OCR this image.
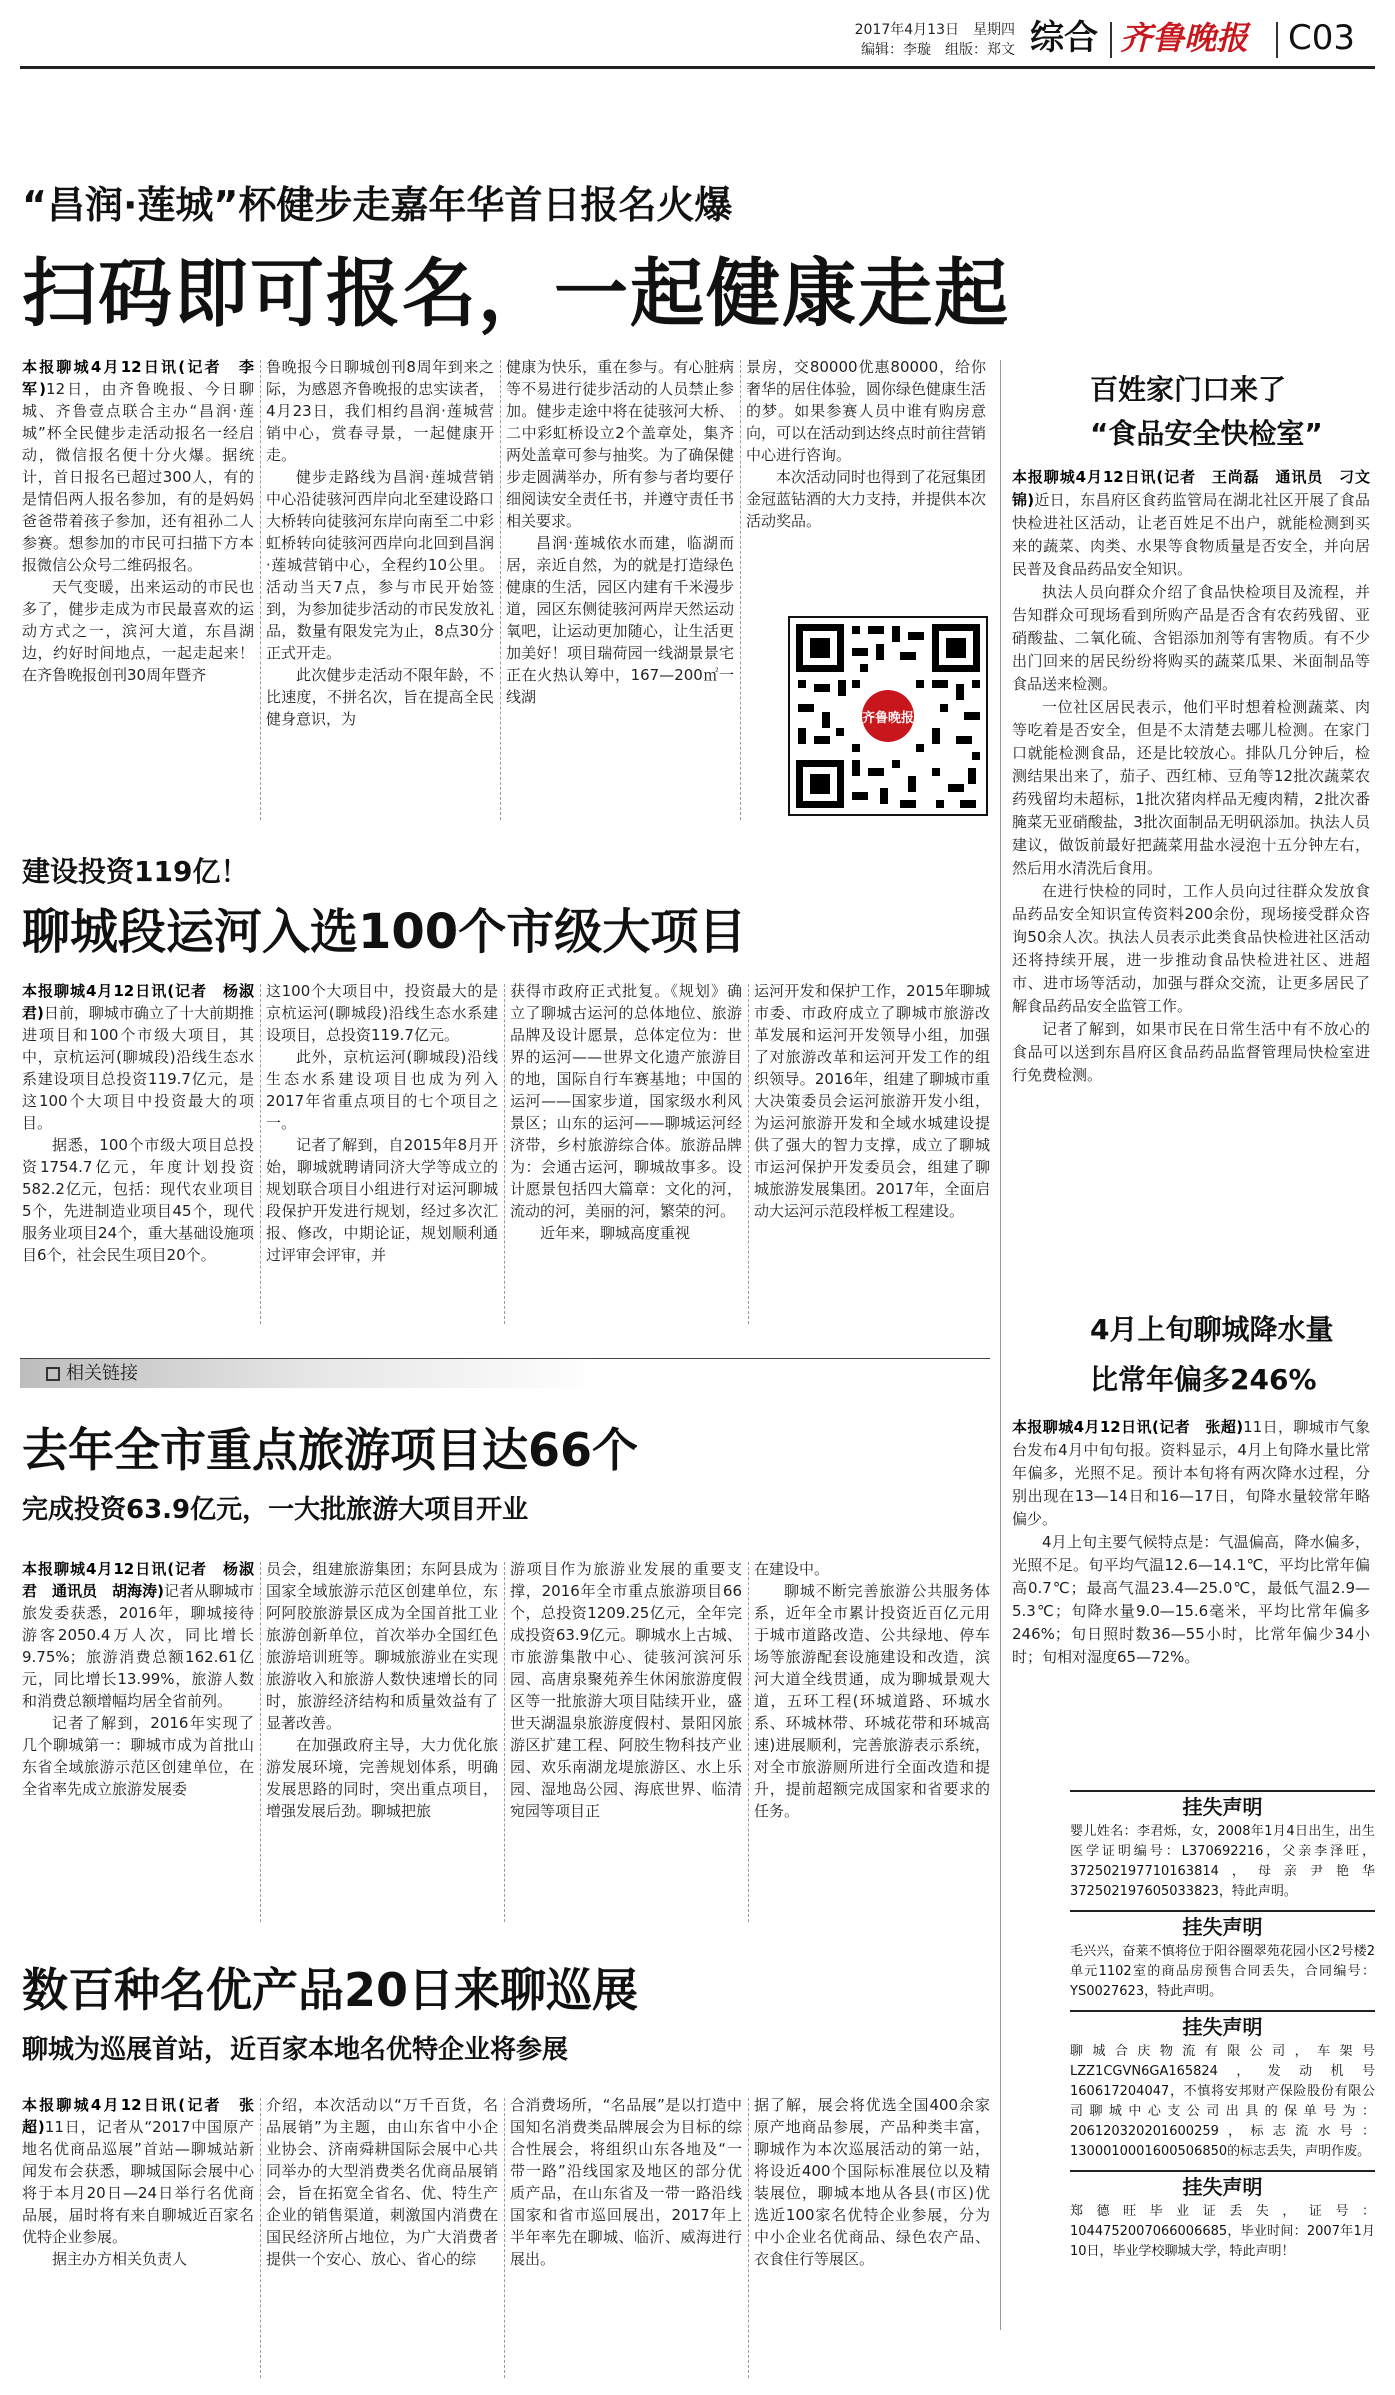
2017年4月13日　 星期四
编辑：李璇　 组版：郑文 综合 齐鲁晚报 C03
“昌润·莲城”杯健步走嘉年华首日报名火爆
扫码即可报名，一起健康走起

本报聊城4月12日讯(记者　李军)12日，由齐鲁晚报、今日聊城、齐鲁壹点联合主办“昌润·莲城”杯全民健步走活动报名一经启动，微信报名便十分火爆。据统计，首日报名已超过300人，有的是情侣两人报名参加，有的是妈妈爸爸带着孩子参加，还有祖孙二人参赛。想参加的市民可扫描下方本报微信公众号二维码报名。

天气变暖，出来运动的市民也多了，健步走成为市民最喜欢的运动方式之一，滨河大道，东昌湖边，约好时间地点，一起走起来！在齐鲁晚报创刊30周年暨齐

鲁晚报今日聊城创刊8周年到来之际，为感恩齐鲁晚报的忠实读者，4月23日，我们相约昌润·莲城营销中心，赏春寻景，一起健康开走。

健步走路线为昌润·莲城营销中心沿徒骇河西岸向北至建设路口大桥转向徒骇河东岸向南至二中彩虹桥转向徒骇河西岸向北回到昌润·莲城营销中心，全程约10公里。活动当天7点，参与市民开始签到，为参加徒步活动的市民发放礼品，数量有限发完为止，8点30分正式开走。

此次健步走活动不限年龄，不比速度，不拼名次，旨在提高全民健身意识，为

健康为快乐，重在参与。有心脏病等不易进行徒步活动的人员禁止参加。健步走途中将在徒骇河大桥、二中彩虹桥设立2个盖章处，集齐两处盖章可参与抽奖。为了确保健步走圆满举办，所有参与者均要仔细阅读安全责任书，并遵守责任书相关要求。

昌润·莲城依水而建，临湖而居，亲近自然，为的就是打造绿色健康的生活，园区内建有千米漫步道，园区东侧徒骇河两岸天然运动氧吧，让运动更加随心，让生活更加美好！项目瑞荷园一线湖景景宅正在火热认筹中，167—200㎡一线湖

景房，交80000优惠80000，给你奢华的居住体验，圆你绿色健康生活的梦。如果参赛人员中谁有购房意向，可以在活动到达终点时前往营销中心进行咨询。

本次活动同时也得到了花冠集团金冠蓝钻酒的大力支持，并提供本次活动奖品。

齐鲁晚报
百姓家门口来了
“食品安全快检室”

本报聊城4月12日讯(记者　王尚磊　通讯员　刁文锦)近日，东昌府区食药监管局在湖北社区开展了食品快检进社区活动，让老百姓足不出户，就能检测到买来的蔬菜、肉类、水果等食物质量是否安全，并向居民普及食品药品安全知识。

执法人员向群众介绍了食品快检项目及流程，并告知群众可现场看到所购产品是否含有农药残留、亚硝酸盐、二氧化硫、含铝添加剂等有害物质。有不少出门回来的居民纷纷将购买的蔬菜瓜果、米面制品等食品送来检测。

一位社区居民表示，他们平时想着检测蔬菜、肉等吃着是否安全，但是不太清楚去哪儿检测。在家门口就能检测食品，还是比较放心。排队几分钟后，检测结果出来了，茄子、西红柿、豆角等12批次蔬菜农药残留均未超标，1批次猪肉样品无瘦肉精，2批次番腌菜无亚硝酸盐，3批次面制品无明矾添加。执法人员建议，做饭前最好把蔬菜用盐水浸泡十五分钟左右，然后用水清洗后食用。

在进行快检的同时，工作人员向过往群众发放食品药品安全知识宣传资料200余份，现场接受群众咨询50余人次。执法人员表示此类食品快检进社区活动还将持续开展，进一步推动食品快检进社区、进超市、进市场等活动，加强与群众交流，让更多居民了解食品药品安全监管工作。

记者了解到，如果市民在日常生活中有不放心的食品可以送到东昌府区食品药品监督管理局快检室进行免费检测。

4月上旬聊城降水量
比常年偏多246%

本报聊城4月12日讯(记者　张超)11日，聊城市气象台发布4月中旬句报。资料显示，4月上旬降水量比常年偏多，光照不足。预计本旬将有两次降水过程，分别出现在13—14日和16—17日，旬降水量较常年略偏少。

4月上旬主要气候特点是：气温偏高，降水偏多，光照不足。旬平均气温12.6—14.1℃，平均比常年偏高0.7℃；最高气温23.4—25.0℃，最低气温2.9—5.3℃；旬降水量9.0—15.6毫米，平均比常年偏多246%；旬日照时数36—55小时，比常年偏少34小时；旬相对湿度65—72%。

挂失声明
婴儿姓名：李君烁，女，2008年1月4日出生，出生医学证明编号：L370692216，父亲李泽旺，372502197710163814，母亲尹艳华372502197605033823，特此声明。
挂失声明
毛兴兴，奋莱不慎将位于阳谷圈翠苑花园小区2号楼2单元1102室的商品房预售合同丢失，合同编号：YS0027623，特此声明。
挂失声明
聊城合庆物流有限公司，车架号LZZ1CGVN6GA165824，发动机号160617204047，不慎将安邦财产保险股份有限公司聊城中心支公司出具的保单号为：206120320201600259，标志流水号：1300010001600506850的标志丢失，声明作废。
挂失声明
郑德旺毕业证丢失，证号：1044752007066006685，毕业时间：2007年1月10日，毕业学校聊城大学，特此声明！
建设投资119亿！
聊城段运河入选100个市级大项目

本报聊城4月12日讯(记者　杨淑君)日前，聊城市确立了十大前期推进项目和100个市级大项目，其中，京杭运河(聊城段)沿线生态水系建设项目总投资119.7亿元，是这100个大项目中投资最大的项目。

据悉，100个市级大项目总投资1754.7亿元，年度计划投资582.2亿元，包括：现代农业项目5个，先进制造业项目45个，现代服务业项目24个，重大基础设施项目6个，社会民生项目20个。

这100个大项目中，投资最大的是京杭运河(聊城段)沿线生态水系建设项目，总投资119.7亿元。

此外，京杭运河(聊城段)沿线生态水系建设项目也成为列入2017年省重点项目的七个项目之一。

记者了解到，自2015年8月开始，聊城就聘请同济大学等成立的规划联合项目小组进行对运河聊城段保护开发进行规划，经过多次汇报、修改，中期论证，规划顺利通过评审会评审，并

获得市政府正式批复。《规划》确立了聊城古运河的总体地位、旅游品牌及设计愿景，总体定位为：世界的运河——世界文化遗产旅游目的地，国际自行车赛基地；中国的运河——国家步道，国家级水利风景区；山东的运河——聊城运河经济带，乡村旅游综合体。旅游品牌为：会通古运河，聊城故事多。设计愿景包括四大篇章：文化的河，流动的河，美丽的河，繁荣的河。

近年来，聊城高度重视

运河开发和保护工作，2015年聊城市委、市政府成立了聊城市旅游改革发展和运河开发领导小组，加强了对旅游改革和运河开发工作的组织领导。2016年，组建了聊城市重大决策委员会运河旅游开发小组，为运河旅游开发和全域水城建设提供了强大的智力支撑，成立了聊城市运河保护开发委员会，组建了聊城旅游发展集团。2017年，全面启动大运河示范段样板工程建设。

相关链接
去年全市重点旅游项目达66个
完成投资63.9亿元，一大批旅游大项目开业

本报聊城4月12日讯(记者　杨淑君　通讯员　胡海涛)记者从聊城市旅发委获悉，2016年，聊城接待游客2050.4万人次，同比增长9.75%；旅游消费总额162.61亿元，同比增长13.99%，旅游人数和消费总额增幅均居全省前列。

记者了解到，2016年实现了几个聊城第一：聊城市成为首批山东省全域旅游示范区创建单位，在全省率先成立旅游发展委

员会，组建旅游集团；东阿县成为国家全域旅游示范区创建单位，东阿阿胶旅游景区成为全国首批工业旅游创新单位，首次举办全国红色旅游培训班等。聊城旅游业在实现旅游收入和旅游人数快速增长的同时，旅游经济结构和质量效益有了显著改善。

在加强政府主导，大力优化旅游发展环境，完善规划体系，明确发展思路的同时，突出重点项目，增强发展后劲。聊城把旅

游项目作为旅游业发展的重要支撑，2016年全市重点旅游项目66个，总投资1209.25亿元，全年完成投资63.9亿元。聊城水上古城、市旅游集散中心、徒骇河滨河乐园、高唐泉聚苑养生休闲旅游度假区等一批旅游大项目陆续开业，盛世天湖温泉旅游度假村、景阳冈旅游区扩建工程、阿胶生物科技产业园、欢乐南湖龙堤旅游区、水上乐园、湿地岛公园、海底世界、临清宛园等项目正

在建设中。

聊城不断完善旅游公共服务体系，近年全市累计投资近百亿元用于城市道路改造、公共绿地、停车场等旅游配套设施建设和改造，滨河大道全线贯通，成为聊城景观大道，五环工程(环城道路、环城水系、环城林带、环城花带和环城高速)进展顺利，完善旅游表示系统，对全市旅游厕所进行全面改造和提升，提前超额完成国家和省要求的任务。

数百种名优产品20日来聊巡展
聊城为巡展首站，近百家本地名优特企业将参展

本报聊城4月12日讯(记者　张超)11日，记者从“2017中国原产地名优商品巡展”首站—聊城站新闻发布会获悉，聊城国际会展中心将于本月20日—24日举行名优商品展，届时将有来自聊城近百家名优特企业参展。

据主办方相关负责人

介绍，本次活动以“万千百货，名品展销”为主题，由山东省中小企业协会、济南舜耕国际会展中心共同举办的大型消费类名优商品展销会，旨在拓宽全省名、优、特生产企业的销售渠道，刺激国内消费在国民经济所占地位，为广大消费者提供一个安心、放心、省心的综

合消费场所，“名品展”是以打造中国知名消费类品牌展会为目标的综合性展会，将组织山东各地及“一带一路”沿线国家及地区的部分优质产品，在山东省及一带一路沿线国家和省市巡回展出，2017年上半年率先在聊城、临沂、威海进行展出。

据了解，展会将优选全国400余家原产地商品参展，产品种类丰富，聊城作为本次巡展活动的第一站，将设近400个国际标准展位以及精装展位，聊城本地从各县(市区)优选近100家名优特企业参展，分为中小企业名优商品、绿色农产品、衣食住行等展区。
